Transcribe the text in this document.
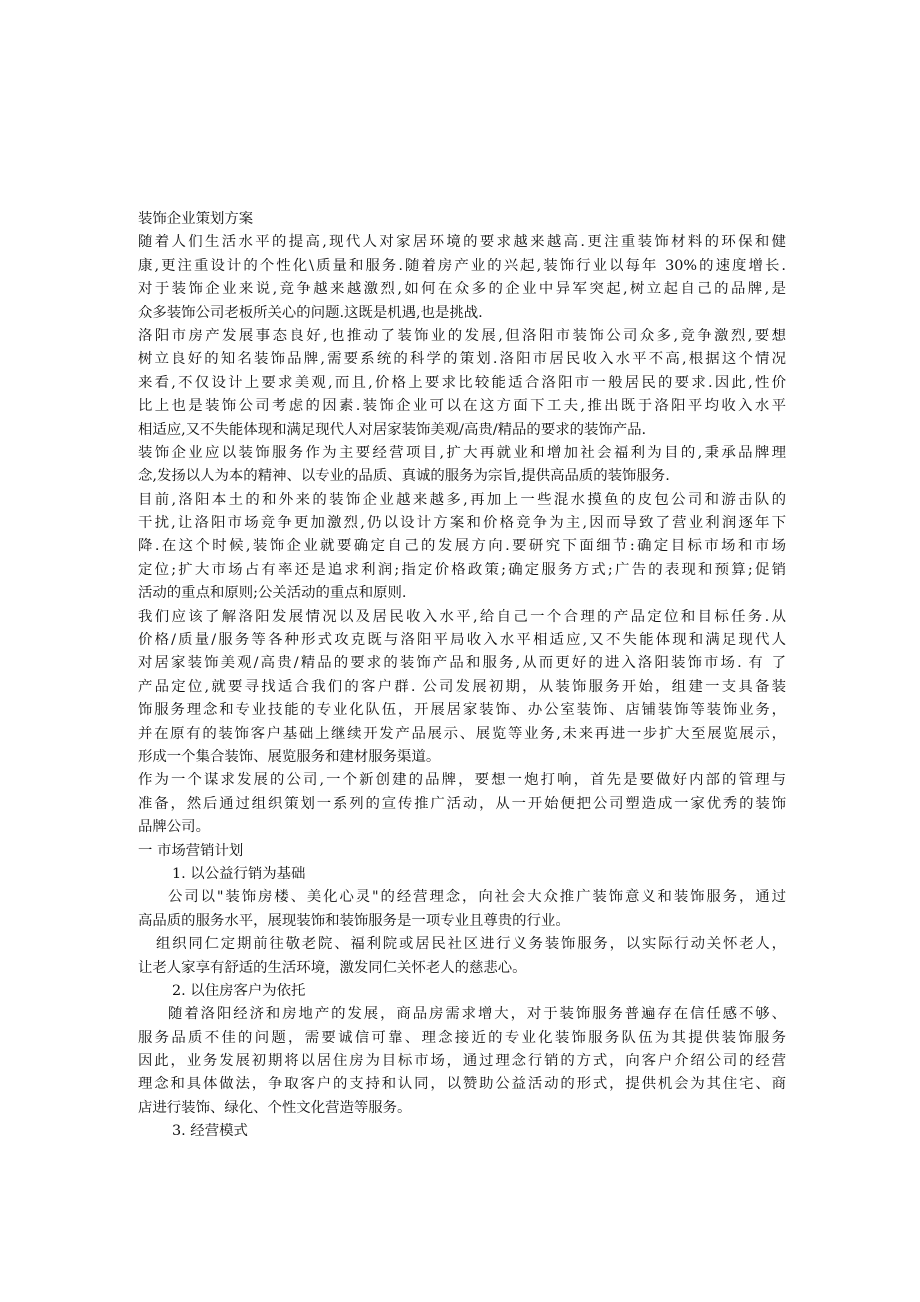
装饰企业策划方案
随着人们生活水平的提高,现代人对家居环境的要求越来越高.更注重装饰材料的环保和健
康,更注重设计的个性化\质量和服务.随着房产业的兴起,装饰行业以每年 30%的速度增长.
对于装饰企业来说,竞争越来越激烈,如何在众多的企业中异军突起,树立起自己的品牌,是
众多装饰公司老板所关心的问题.这既是机遇,也是挑战.
洛阳市房产发展事态良好,也推动了装饰业的发展,但洛阳市装饰公司众多,竞争激烈,要想
树立良好的知名装饰品牌,需要系统的科学的策划.洛阳市居民收入水平不高,根据这个情况
来看,不仅设计上要求美观,而且,价格上要求比较能适合洛阳市一般居民的要求.因此,性价
比上也是装饰公司考虑的因素.装饰企业可以在这方面下工夫,推出既于洛阳平均收入水平
相适应,又不失能体现和满足现代人对居家装饰美观/高贵/精品的要求的装饰产品.
装饰企业应以装饰服务作为主要经营项目,扩大再就业和增加社会福利为目的,秉承品牌理
念,发扬以人为本的精神、以专业的品质、真诚的服务为宗旨,提供高品质的装饰服务.
目前,洛阳本土的和外来的装饰企业越来越多,再加上一些混水摸鱼的皮包公司和游击队的
干扰,让洛阳市场竞争更加激烈,仍以设计方案和价格竞争为主,因而导致了营业利润逐年下
降.在这个时候,装饰企业就要确定自己的发展方向.要研究下面细节:确定目标市场和市场
定位;扩大市场占有率还是追求利润;指定价格政策;确定服务方式;广告的表现和预算;促销
活动的重点和原则;公关活动的重点和原则.
我们应该了解洛阳发展情况以及居民收入水平,给自己一个合理的产品定位和目标任务.从
价格/质量/服务等各种形式攻克既与洛阳平局收入水平相适应,又不失能体现和满足现代人
对居家装饰美观/高贵/精品的要求的装饰产品和服务,从而更好的进入洛阳装饰市场. 有 了
产品定位,就要寻找适合我们的客户群. 公司发展初期，从装饰服务开始，组建一支具备装
饰服务理念和专业技能的专业化队伍，开展居家装饰、办公室装饰、店铺装饰等装饰业务，
并在原有的装饰客户基础上继续开发产品展示、展览等业务,未来再进一步扩大至展览展示，
形成一个集合装饰、展览服务和建材服务渠道。
作为一个谋求发展的公司,一个新创建的品牌，要想一炮打响，首先是要做好内部的管理与
准备，然后通过组织策划一系列的宣传推广活动，从一开始便把公司塑造成一家优秀的装饰
品牌公司。
一 市场营销计划
1. 以公益行销为基础
公司以"装饰房楼、美化心灵"的经营理念，向社会大众推广装饰意义和装饰服务，通过
高品质的服务水平，展现装饰和装饰服务是一项专业且尊贵的行业。
组织同仁定期前往敬老院、福利院或居民社区进行义务装饰服务，以实际行动关怀老人，
让老人家享有舒适的生活环境，激发同仁关怀老人的慈悲心。
2. 以住房客户为依托
随着洛阳经济和房地产的发展，商品房需求增大，对于装饰服务普遍存在信任感不够、
服务品质不佳的问题，需要诚信可靠、理念接近的专业化装饰服务队伍为其提供装饰服务
因此，业务发展初期将以居住房为目标市场，通过理念行销的方式，向客户介绍公司的经营
理念和具体做法，争取客户的支持和认同，以赞助公益活动的形式，提供机会为其住宅、商
店进行装饰、绿化、个性文化营造等服务。
3. 经营模式
